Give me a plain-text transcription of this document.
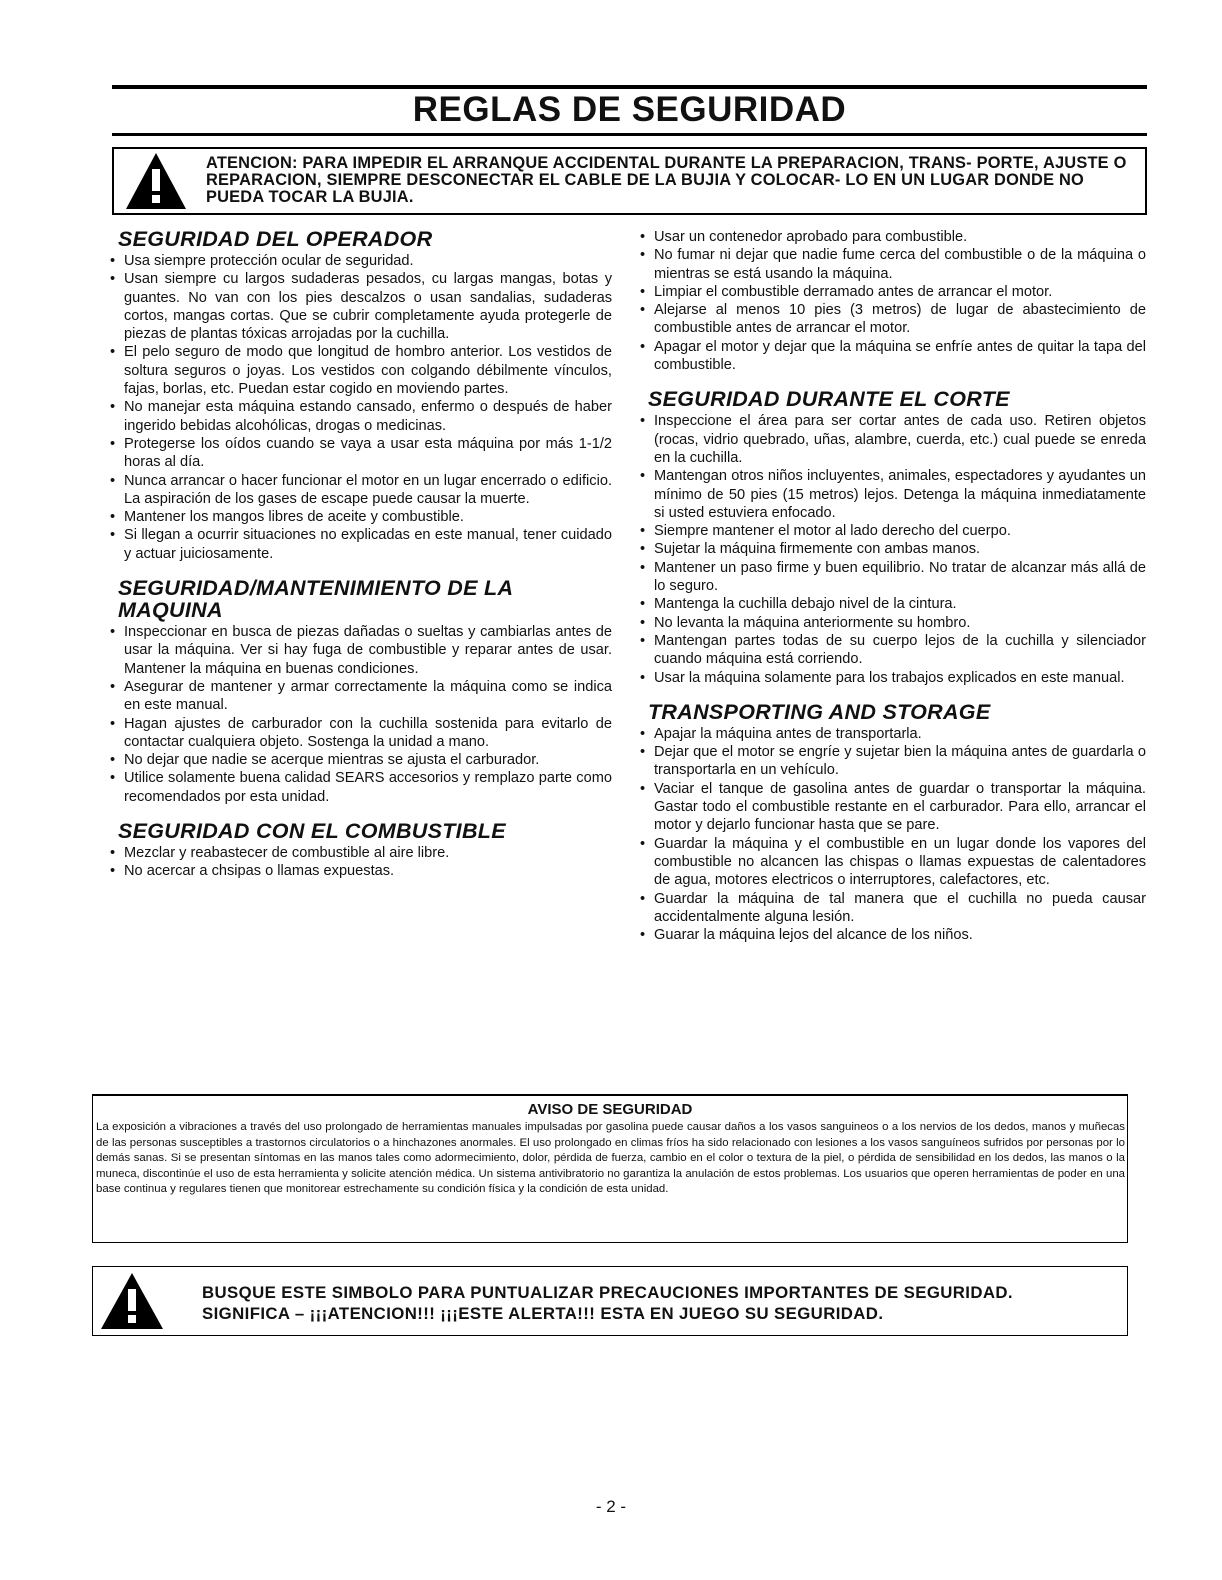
REGLAS DE SEGURIDAD
ATENCION: PARA IMPEDIR EL ARRANQUE ACCIDENTAL DURANTE LA PREPARACION, TRANS- PORTE, AJUSTE O REPARACION, SIEMPRE DESCONECTAR EL CABLE DE LA BUJIA Y COLOCAR- LO EN UN LUGAR DONDE NO PUEDA TOCAR LA BUJIA.
SEGURIDAD DEL OPERADOR
• Usa siempre protección ocular de seguridad.
• Usan siempre cu largos sudaderas pesados, cu largas mangas, botas y guantes. No van con los pies descalzos o usan sandalias, sudaderas cortos, mangas cortas. Que se cubrir completamente ayuda protegerle de piezas de plantas tóxicas arrojadas por la cuchilla.
• El pelo seguro de modo que longitud de hombro anterior. Los vestidos de soltura seguros o joyas. Los vestidos con colgando débilmente vínculos, fajas, borlas, etc. Puedan estar cogido en moviendo partes.
• No manejar esta máquina estando cansado, enfermo o después de haber ingerido bebidas alcohólicas, drogas o medicinas.
• Protegerse los oídos cuando se vaya a usar esta máquina por más 1-1/2 horas al día.
• Nunca arrancar o hacer funcionar el motor en un lugar encerrado o edificio. La aspiración de los gases de escape puede causar la muerte.
• Mantener los mangos libres de aceite y combustible.
• Si llegan a ocurrir situaciones no explicadas en este manual, tener cuidado y actuar juiciosamente.
SEGURIDAD/MANTENIMIENTO DE LA MAQUINA
• Inspeccionar en busca de piezas dañadas o sueltas y cambiarlas antes de usar la máquina. Ver si hay fuga de combustible y reparar antes de usar. Mantener la máquina en buenas condiciones.
• Asegurar de mantener y armar correctamente la máquina como se indica en este manual.
• Hagan ajustes de carburador con la cuchilla sostenida para evitarlo de contactar cualquiera objeto. Sostenga la unidad a mano.
• No dejar que nadie se acerque mientras se ajusta el carburador.
• Utilice solamente buena calidad SEARS accesorios y remplazo parte como recomendados por esta unidad.
SEGURIDAD CON EL COMBUSTIBLE
• Mezclar y reabastecer de combustible al aire libre.
• No acercar a chsipas o llamas expuestas.
• Usar un contenedor aprobado para combustible.
• No fumar ni dejar que nadie fume cerca del combustible o de la máquina o mientras se está usando la máquina.
• Limpiar el combustible derramado antes de arrancar el motor.
• Alejarse al menos 10 pies (3 metros) de lugar de abastecimiento de combustible antes de arrancar el motor.
• Apagar el motor y dejar que la máquina se enfríe antes de quitar la tapa del combustible.
SEGURIDAD DURANTE EL CORTE
• Inspeccione el área para ser cortar antes de cada uso. Retiren objetos (rocas, vidrio quebrado, uñas, alambre, cuerda, etc.) cual puede se enreda en la cuchilla.
• Mantengan otros niños incluyentes, animales, espectadores y ayudantes un mínimo de 50 pies (15 metros) lejos. Detenga la máquina inmediatamente si usted estuviera enfocado.
• Siempre mantener el motor al lado derecho del cuerpo.
• Sujetar la máquina firmemente con ambas manos.
• Mantener un paso firme y buen equilibrio. No tratar de alcanzar más allá de lo seguro.
• Mantenga la cuchilla debajo nivel de la cintura.
• No levanta la máquina anteriormente su hombro.
• Mantengan partes todas de su cuerpo lejos de la cuchilla y silenciador cuando máquina está corriendo.
• Usar la máquina solamente para los trabajos explicados en este manual.
TRANSPORTING AND STORAGE
• Apajar la máquina antes de transportarla.
• Dejar que el motor se engríe y sujetar bien la máquina antes de guardarla o transportarla en un vehículo.
• Vaciar el tanque de gasolina antes de guardar o transportar la máquina. Gastar todo el combustible restante en el carburador. Para ello, arrancar el motor y dejarlo funcionar hasta que se pare.
• Guardar la máquina y el combustible en un lugar donde los vapores del combustible no alcancen las chispas o llamas expuestas de calentadores de agua, motores electricos o interruptores, calefactores, etc.
• Guardar la máquina de tal manera que el cuchilla no pueda causar accidentalmente alguna lesión.
• Guarar la máquina lejos del alcance de los niños.
AVISO DE SEGURIDAD
La exposición a vibraciones a través del uso prolongado de herramientas manuales impulsadas por gasolina puede causar daños a los vasos sanguineos o a los nervios de los dedos, manos y muñecas de las personas susceptibles a trastornos circulatorios o a hinchazones anormales. El uso prolongado en climas fríos ha sido relacionado con lesiones a los vasos sanguíneos sufridos por personas por lo demás sanas. Si se presentan síntomas en las manos tales como adormecimiento, dolor, pérdida de fuerza, cambio en el color o textura de la piel, o pérdida de sensibilidad en los dedos, las manos o la muneca, discontinúe el uso de esta herramienta y solicite atención médica. Un sistema antivibratorio no garantiza la anulación de estos problemas. Los usuarios que operen herramientas de poder en una base continua y regulares tienen que monitorear estrechamente su condición física y la condición de esta unidad.
BUSQUE ESTE SIMBOLO PARA PUNTUALIZAR PRECAUCIONES IMPORTANTES DE SEGURIDAD.
SIGNIFICA – ¡¡¡ATENCION!!! ¡¡¡ESTE ALERTA!!! ESTA EN JUEGO SU SEGURIDAD.
- 2 -
